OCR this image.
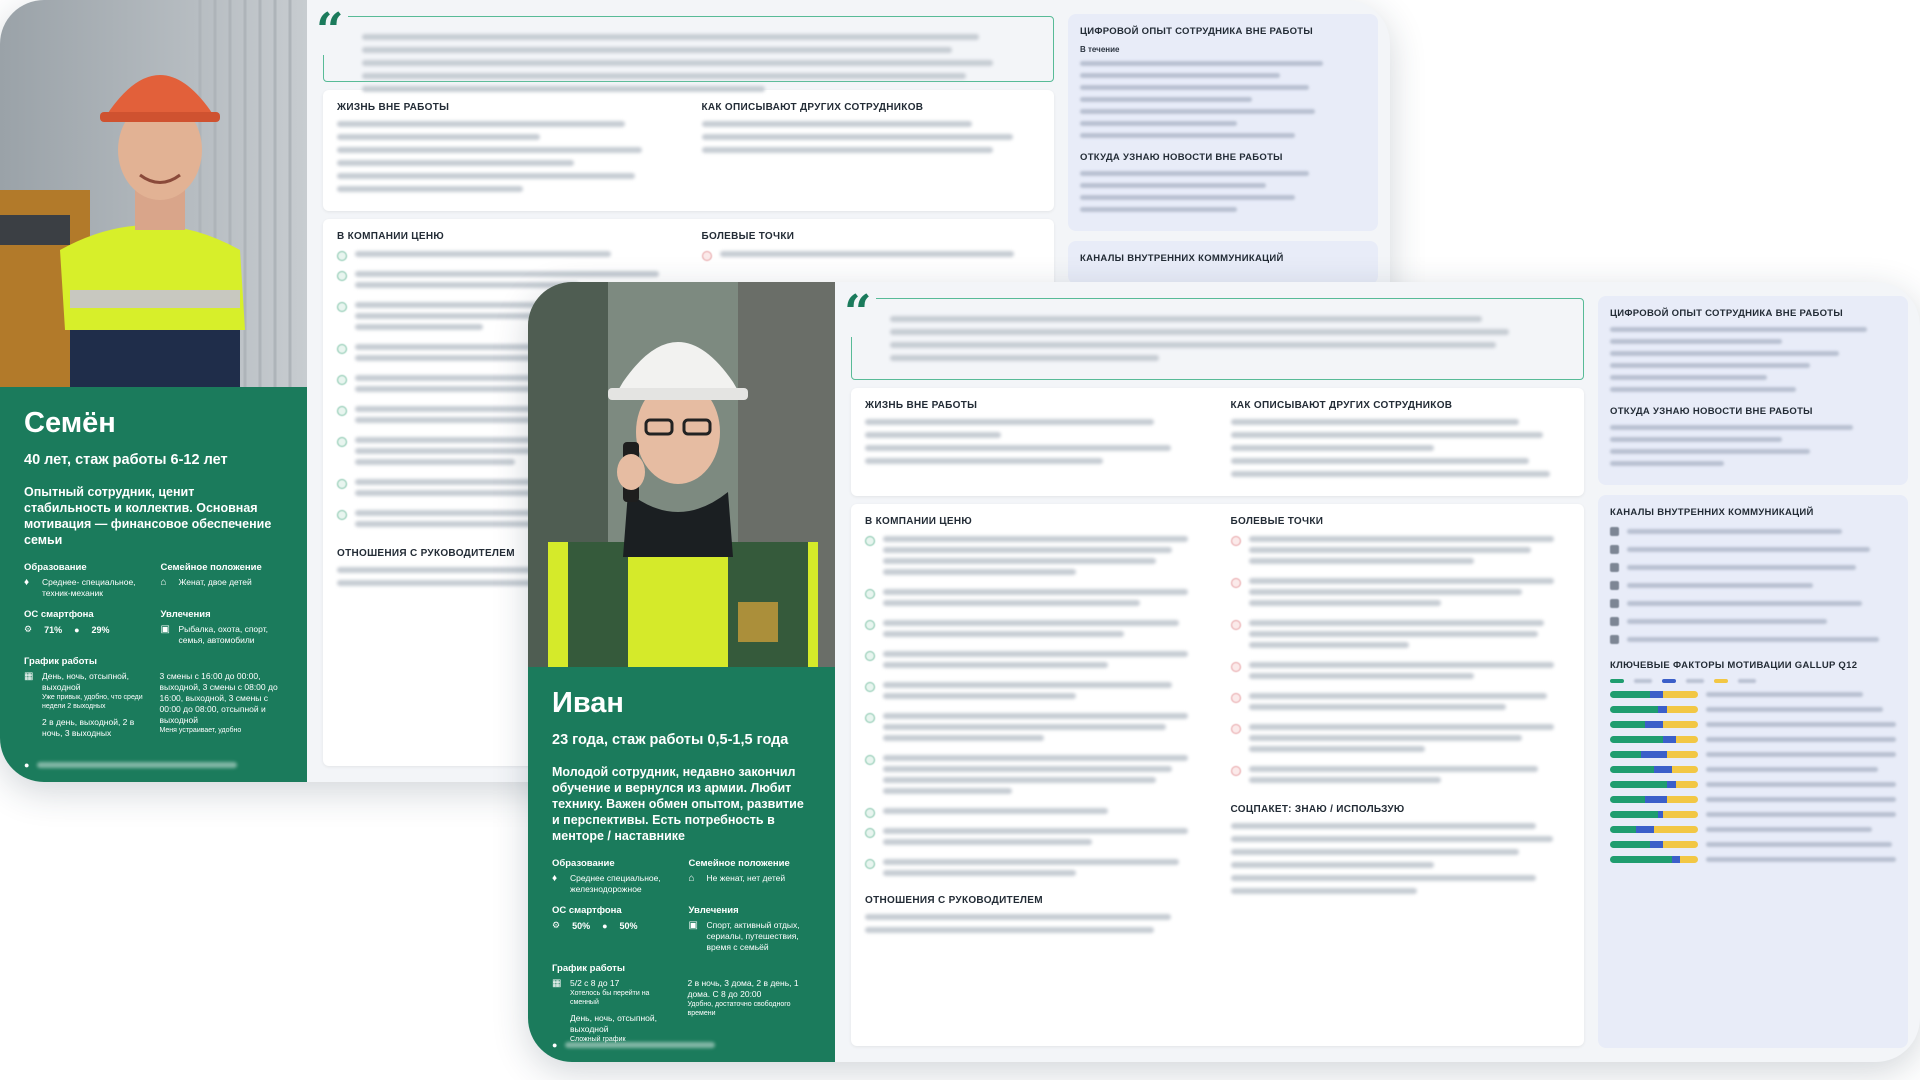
Семён
40 лет, стаж работы 6-12 лет
Опытный сотрудник, ценит стабильность и коллектив. Основная мотивация — финансовое обеспечение семьи
Образование
♦	Среднее- специальное, техник-механик
Семейное положение
⌂	Женат, двое детей
ОС смартфона
⚙ 71% ● 29%
Увлечения
▣ Рыбалка, охота, спорт, семья, автомобили
График работы
▦ День, ночь, отсыпной, выходной
Уже привык, удобно, что среди недели 2 выходных
2 в день, выходной, 2 в ночь, 3 выходных
3 смены с 16:00 до 00:00, выходной, 3 смены с 08:00 до 16:00, выходной, 3 смены с 00:00 до 08:00, отсыпной и выходной
Меня устраивает, удобно
●
“
ЖИЗНЬ ВНЕ РАБОТЫ	КАК ОПИСЫВАЮТ ДРУГИХ СОТРУДНИКОВ
В КОМПАНИИ ЦЕНЮ
ОТНОШЕНИЯ С РУКОВОДИТЕЛЕМ
БОЛЕВЫЕ ТОЧКИ
ЦИФРОВОЙ ОПЫТ СОТРУДНИКА ВНЕ РАБОТЫ
В течение
ОТКУДА УЗНАЮ НОВОСТИ ВНЕ РАБОТЫ
КАНАЛЫ ВНУТРЕННИХ КОММУНИКАЦИЙ
Иван
23 года, стаж работы 0,5-1,5 года
Молодой сотрудник, недавно закончил обучение и вернулся из армии. Любит технику. Важен обмен опытом, развитие и перспективы. Есть потребность в менторе / наставнике
Образование
♦	Среднее специальное, железнодорожное
Семейное положение
⌂	Не женат, нет детей
ОС смартфона
⚙ 50% ● 50%
Увлечения
▣ Спорт, активный отдых, сериалы, путешествия, время с семьёй
График работы
▦ 5/2 с 8 до 17
Хотелось бы перейти на сменный
День, ночь, отсыпной, выходной
Сложный график
2 в ночь, 3 дома, 2 в день, 1 дома. С 8 до 20:00
Удобно, достаточно свободного времени
●
“
ЖИЗНЬ ВНЕ РАБОТЫ	КАК ОПИСЫВАЮТ ДРУГИХ СОТРУДНИКОВ
В КОМПАНИИ ЦЕНЮ
ОТНОШЕНИЯ С РУКОВОДИТЕЛЕМ
БОЛЕВЫЕ ТОЧКИ
СОЦПАКЕТ: ЗНАЮ / ИСПОЛЬЗУЮ
ЦИФРОВОЙ ОПЫТ СОТРУДНИКА ВНЕ РАБОТЫ
ОТКУДА УЗНАЮ НОВОСТИ ВНЕ РАБОТЫ
КАНАЛЫ ВНУТРЕННИХ КОММУНИКАЦИЙ
КЛЮЧЕВЫЕ ФАКТОРЫ МОТИВАЦИИ GALLUP Q12
